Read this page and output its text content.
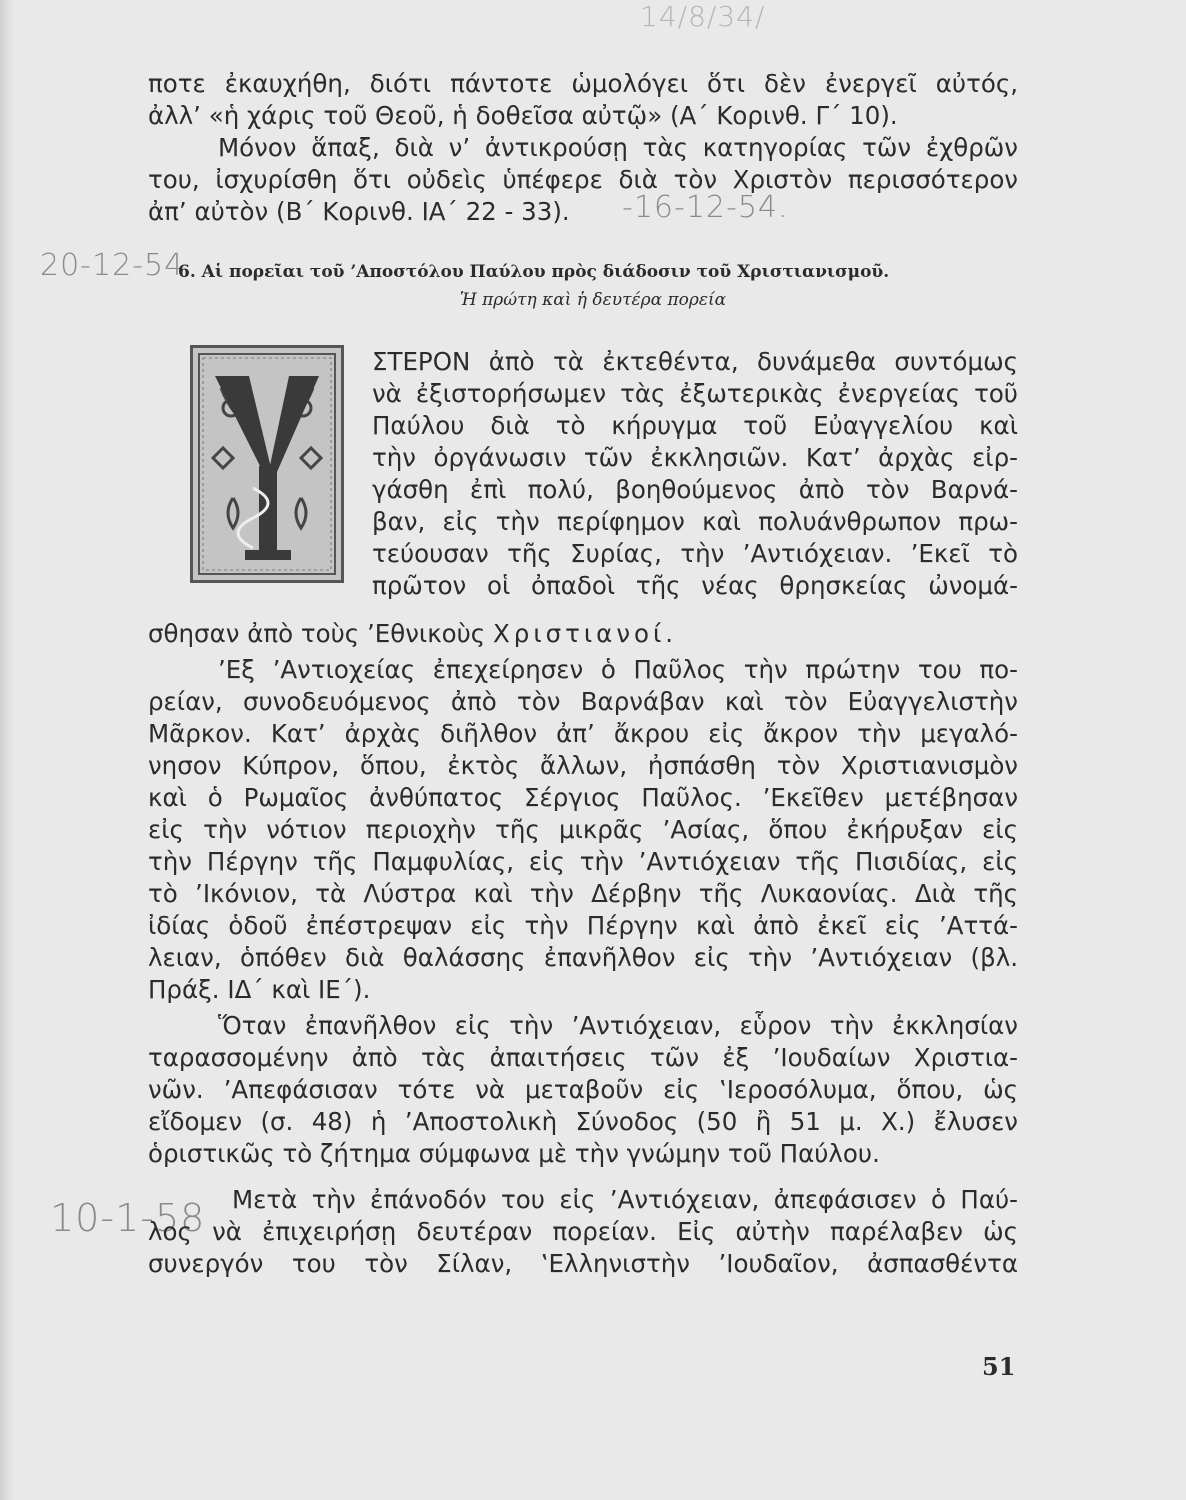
14/8/34/
ποτε ἐκαυχήθη, διότι πάντοτε ὡμολόγει ὅτι δὲν ἐνεργεῖ αὐτός,
ἀλλ’ «ἡ χάρις τοῦ Θεοῦ, ἡ δοθεῖσα αὐτῷ» (Α΄ Κορινθ. Γ΄ 10).
Μόνον ἅπαξ, διὰ ν’ ἀντικρούσῃ τὰς κατηγορίας τῶν ἐχθρῶν
του, ἰσχυρίσθη ὅτι οὐδεὶς ὑπέφερε διὰ τὸν Χριστὸν περισσότερον
ἀπ’ αὐτὸν (Β΄ Κορινθ. ΙΑ΄ 22 - 33). -16-12-54.
20-12-54
6. Αἱ πορεῖαι τοῦ ’Αποστόλου Παύλου πρὸς διάδοσιν τοῦ Χριστιανισμοῦ.
Ἡ πρώτη καὶ ἡ δευτέρα πορεία
ΣΤΕΡΟΝ ἀπὸ τὰ ἐκτεθέντα, δυνάμεθα συντόμως
νὰ ἐξιστορήσωμεν τὰς ἐξωτερικὰς ἐνεργείας τοῦ
Παύλου διὰ τὸ κήρυγμα τοῦ Εὐαγγελίου καὶ
τὴν ὀργάνωσιν τῶν ἐκκλησιῶν. Κατ’ ἀρχὰς εἰρ-
γάσθη ἐπὶ πολύ, βοηθούμενος ἀπὸ τὸν Βαρνά-
βαν, εἰς τὴν περίφημον καὶ πολυάνθρωπον πρω-
τεύουσαν τῆς Συρίας, τὴν ’Αντιόχειαν. ’Εκεῖ τὸ
πρῶτον οἱ ὀπαδοὶ τῆς νέας θρησκείας ὠνομά-
σθησαν ἀπὸ τοὺς ’Εθνικοὺς Χριστιανοί.
’Εξ ’Αντιοχείας ἐπεχείρησεν ὁ Παῦλος τὴν πρώτην του πο-
ρείαν, συνοδευόμενος ἀπὸ τὸν Βαρνάβαν καὶ τὸν Εὐαγγελιστὴν
Μᾶρκον. Κατ’ ἀρχὰς διῆλθον ἀπ’ ἄκρου εἰς ἄκρον τὴν μεγαλό-
νησον Κύπρον, ὅπου, ἐκτὸς ἄλλων, ἠσπάσθη τὸν Χριστιανισμὸν
καὶ ὁ Ρωμαῖος ἀνθύπατος Σέργιος Παῦλος. ’Εκεῖθεν μετέβησαν
εἰς τὴν νότιον περιοχὴν τῆς μικρᾶς ’Ασίας, ὅπου ἐκήρυξαν εἰς
τὴν Πέργην τῆς Παμφυλίας, εἰς τὴν ’Αντιόχειαν τῆς Πισιδίας, εἰς
τὸ ’Ικόνιον, τὰ Λύστρα καὶ τὴν Δέρβην τῆς Λυκαονίας. Διὰ τῆς
ἰδίας ὁδοῦ ἐπέστρεψαν εἰς τὴν Πέργην καὶ ἀπὸ ἐκεῖ εἰς ’Αττά-
λειαν, ὁπόθεν διὰ θαλάσσης ἐπανῆλθον εἰς τὴν ’Αντιόχειαν (βλ.
Πράξ. ΙΔ΄ καὶ ΙΕ΄).
Ὅταν ἐπανῆλθον εἰς τὴν ’Αντιόχειαν, εὗρον τὴν ἐκκλησίαν
ταρασσομένην ἀπὸ τὰς ἀπαιτήσεις τῶν ἐξ ’Ιουδαίων Χριστια-
νῶν. ’Απεφάσισαν τότε νὰ μεταβοῦν εἰς ‛Ιεροσόλυμα, ὅπου, ὡς
εἴδομεν (σ. 48) ἡ ’Αποστολικὴ Σύνοδος (50 ἢ 51 μ. Χ.) ἔλυσεν
ὁριστικῶς τὸ ζήτημα σύμφωνα μὲ τὴν γνώμην τοῦ Παύλου.
10-1-58 Μετὰ τὴν ἐπάνοδόν του εἰς ’Αντιόχειαν, ἀπεφάσισεν ὁ Παύ-
λος νὰ ἐπιχειρήσῃ δευτέραν πορείαν. Εἰς αὐτὴν παρέλαβεν ὡς
συνεργόν του τὸν Σίλαν, ‛Ελληνιστὴν ’Ιουδαῖον, ἀσπασθέντα
51
